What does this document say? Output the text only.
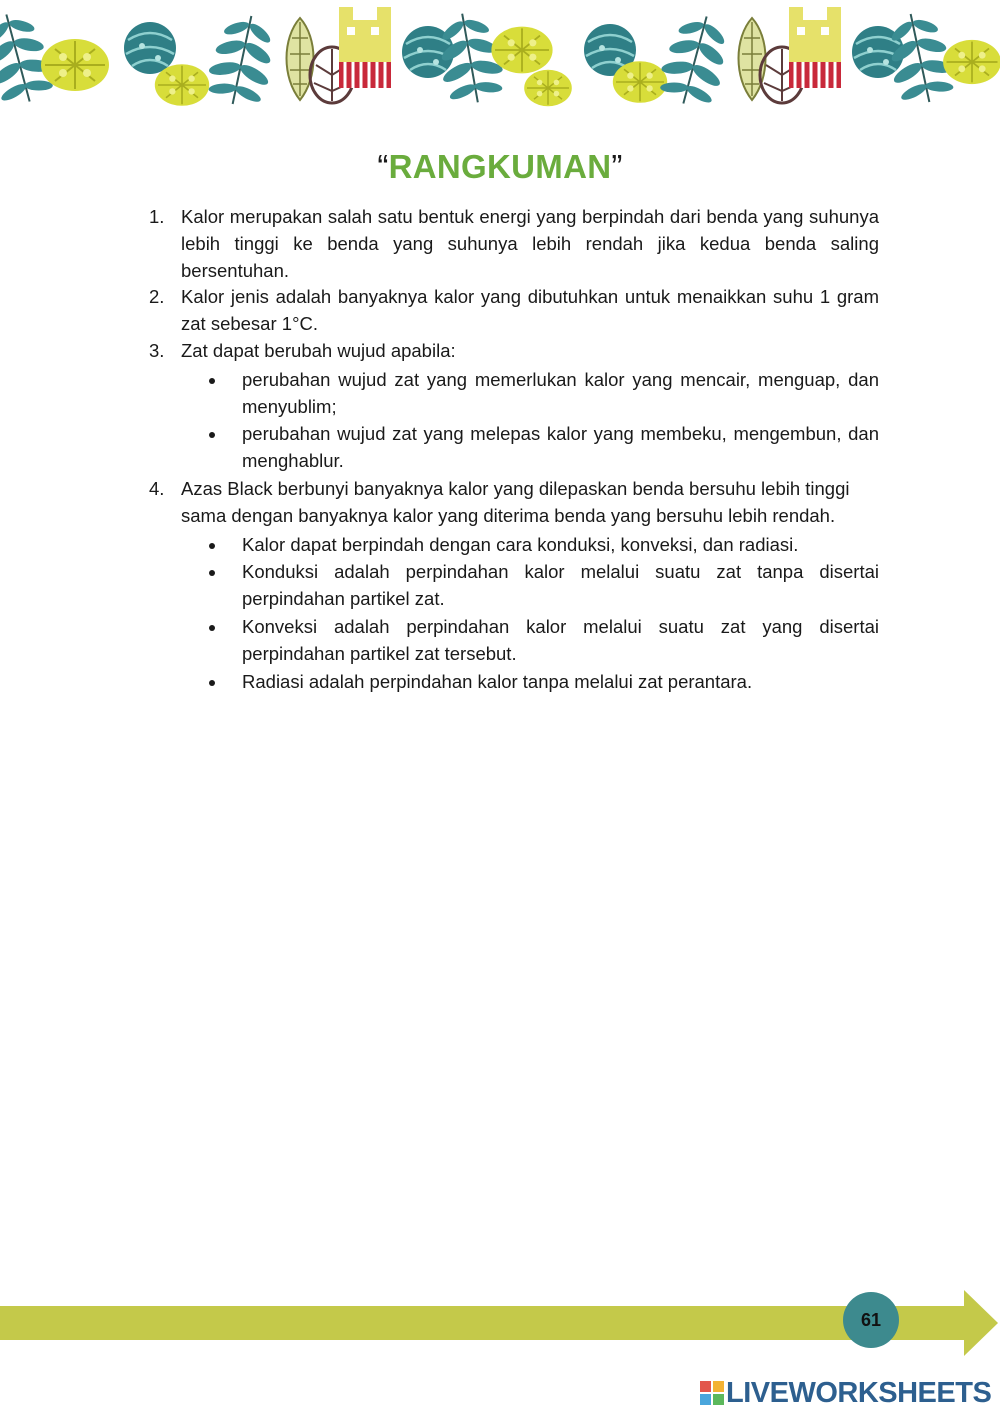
“RANGKUMAN”
1. Kalor merupakan salah satu bentuk energi yang berpindah dari benda yang suhunya lebih tinggi ke benda yang suhunya lebih rendah jika kedua benda saling bersentuhan.
2. Kalor jenis adalah banyaknya kalor yang dibutuhkan untuk menaikkan suhu 1 gram zat sebesar 1°C.
3. Zat dapat berubah wujud apabila:
perubahan wujud zat yang memerlukan kalor yang mencair, menguap, dan menyublim;
perubahan wujud zat yang melepas kalor yang membeku, mengembun, dan menghablur.
4. Azas Black berbunyi banyaknya kalor yang dilepaskan benda bersuhu lebih tinggi sama dengan banyaknya kalor yang diterima benda yang bersuhu lebih rendah.
Kalor dapat berpindah dengan cara konduksi, konveksi, dan radiasi.
Konduksi adalah perpindahan kalor melalui suatu zat tanpa disertai perpindahan partikel zat.
Konveksi adalah perpindahan kalor melalui suatu zat yang disertai perpindahan partikel zat tersebut.
Radiasi adalah perpindahan kalor tanpa melalui zat perantara.
61
LIVEWORKSHEETS
